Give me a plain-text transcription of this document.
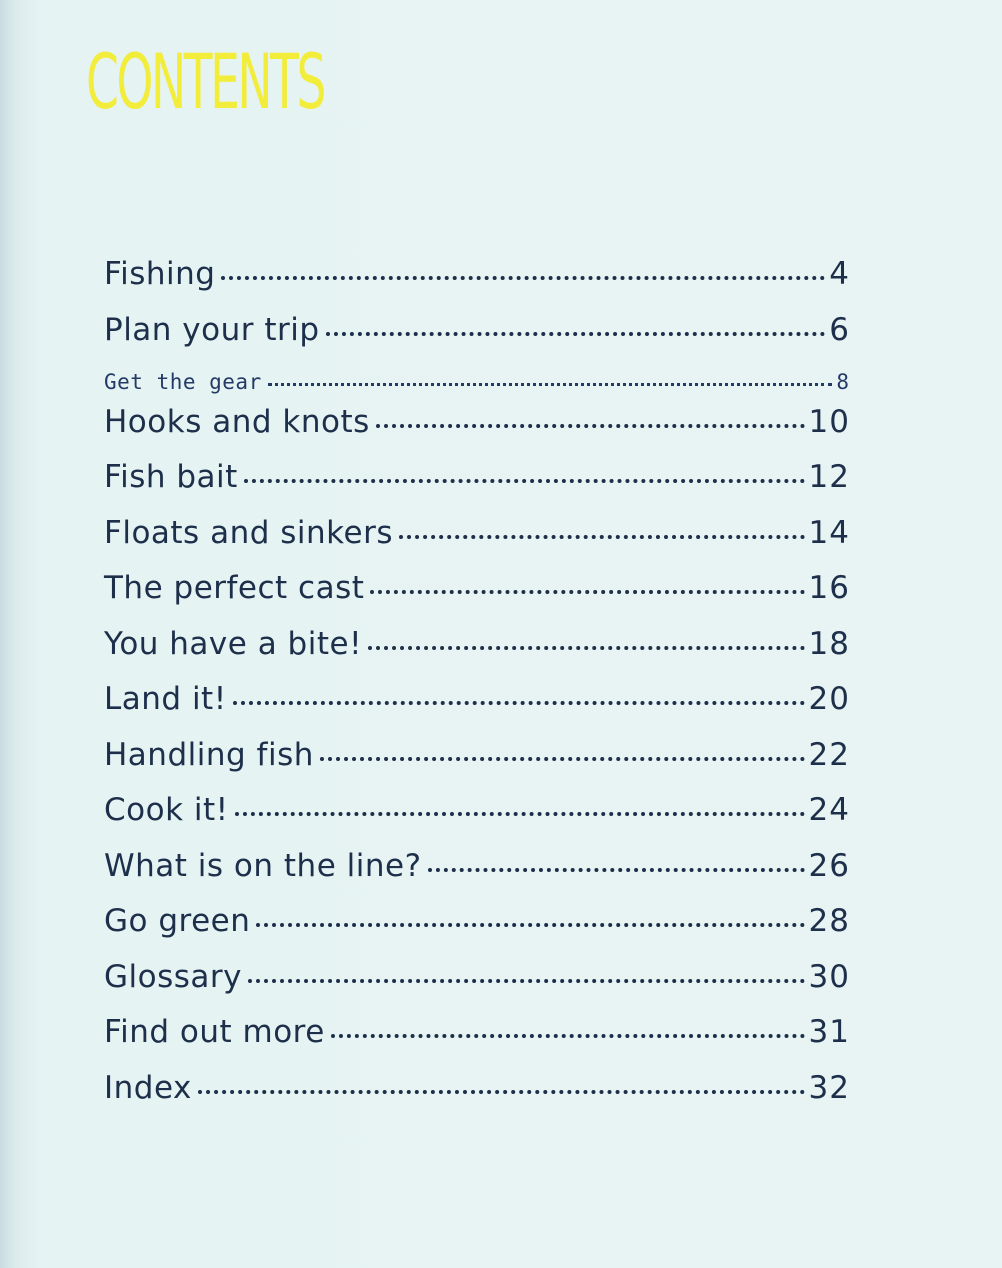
CONTENTS
Fishing	4
Plan your trip	6
Get the gear	8
Hooks and knots	10
Fish bait	12
Floats and sinkers	14
The perfect cast	16
You have a bite!	18
Land it!	20
Handling fish	22
Cook it!	24
What is on the line?	26
Go green	28
Glossary	30
Find out more	31
Index	32
